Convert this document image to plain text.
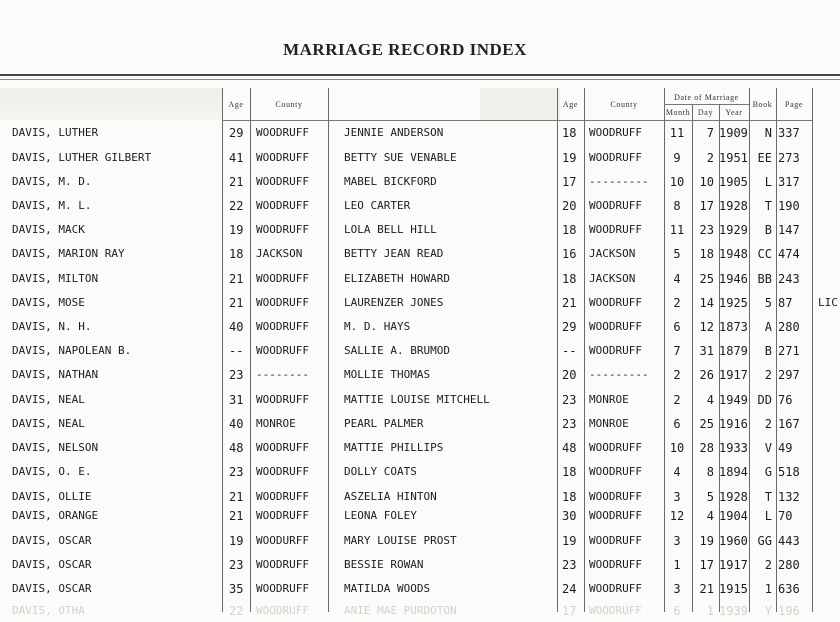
MARRIAGE RECORD INDEX
Age	County	Age	County
Date of Marriage
Month Day	Year
Book	Page
DAVIS, LUTHER	29	WOODRUFF	JENNIE ANDERSON	18	WOODRUFF	11	7 1909	N 337
DAVIS, LUTHER GILBERT	41	WOODRUFF	BETTY SUE VENABLE	19	WOODRUFF	9	2 1951 EE 273
DAVIS, M. D.	21	WOODRUFF	MABEL BICKFORD	17	---------	10	10 1905	L 317
DAVIS, M. L.	22	WOODRUFF	LEO CARTER	20	WOODRUFF	8	17 1928	T 190
DAVIS, MACK	19	WOODRUFF	LOLA BELL HILL	18	WOODRUFF	11	23 1929	B 147
DAVIS, MARION RAY	18	JACKSON	BETTY JEAN READ	16	JACKSON	5	18 1948 CC 474
DAVIS, MILTON	21	WOODRUFF	ELIZABETH HOWARD	18	JACKSON	4	25 1946 BB 243
DAVIS, MOSE	21	WOODRUFF	LAURENZER JONES	21	WOODRUFF	2	14 1925	5 87 LIC
DAVIS, N. H.	40	WOODRUFF	M. D. HAYS	29	WOODRUFF	6	12 1873	A 280
DAVIS, NAPOLEAN B.	--	WOODRUFF	SALLIE A. BRUMOD	--	WOODRUFF	7	31 1879	B 271
DAVIS, NATHAN	23	--------	MOLLIE THOMAS	20	---------	2	26 1917	2 297
DAVIS, NEAL	31	WOODRUFF	MATTIE LOUISE MITCHELL	23	MONROE	2	4 1949 DD 76
DAVIS, NEAL	40	MONROE	PEARL PALMER	23	MONROE	6	25 1916	2 167
DAVIS, NELSON	48	WOODRUFF	MATTIE PHILLIPS	48	WOODRUFF	10	28 1933	V 49
DAVIS, O. E.	23	WOODRUFF	DOLLY COATS	18	WOODRUFF	4	8 1894	G 518
DAVIS, OLLIE	21	WOODRUFF	ASZELIA HINTON	18	WOODRUFF	3	5 1928	T 132
DAVIS, ORANGE	21	WOODRUFF	LEONA FOLEY	30	WOODRUFF	12	4 1904	L 70
DAVIS, OSCAR	19	WOODURFF	MARY LOUISE PROST	19	WOODRUFF	3	19 1960 GG 443
DAVIS, OSCAR	23	WOODRUFF	BESSIE ROWAN	23	WOODRUFF	1	17 1917	2 280
DAVIS, OSCAR	35	WOODRUFF	MATILDA WOODS	24	WOODRUFF	3	21 1915	1 636
DAVIS, OTHA	22	WOODRUFF	ANIE MAE PURDOTON	17	WOODRUFF	6	1 1939	Y 196
